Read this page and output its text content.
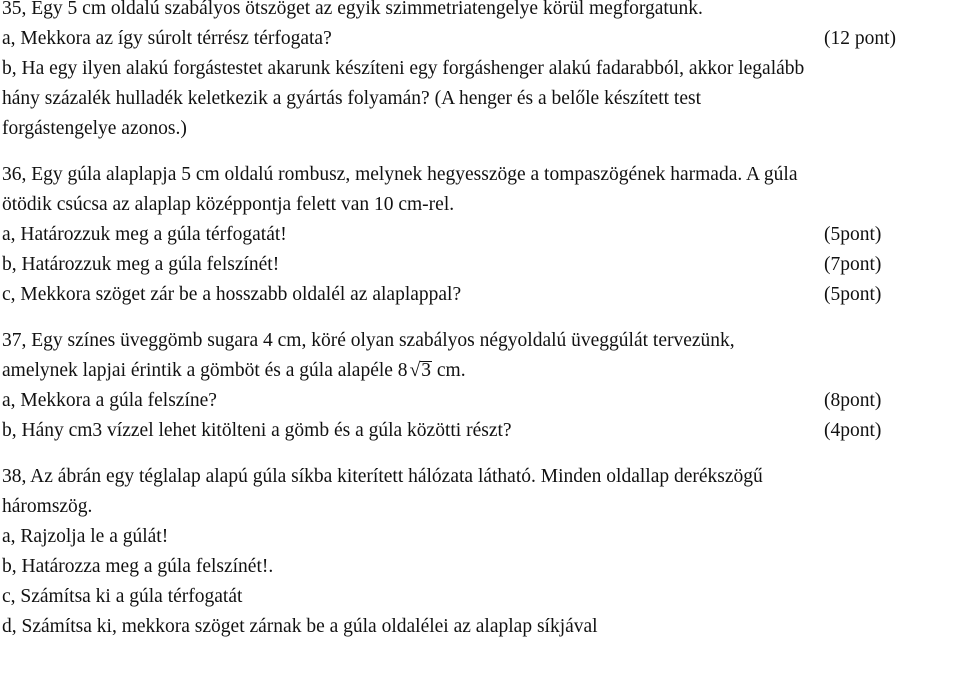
35, Egy 5 cm oldalú szabályos ötszöget az egyik szimmetriatengelye körül megforgatunk.
a, Mekkora az így súrolt térrész térfogata?	(12 pont)
b, Ha egy ilyen alakú forgástestet akarunk készíteni egy forgáshenger alakú fadarabból, akkor legalább
hány százalék hulladék keletkezik a gyártás folyamán? (A henger és a belőle készített test
forgástengelye azonos.)
36, Egy gúla alaplapja 5 cm oldalú rombusz, melynek hegyesszöge a tompaszögének harmada. A gúla
ötödik csúcsa az alaplap középpontja felett van 10 cm-rel.
a, Határozzuk meg a gúla térfogatát!	(5pont)
b, Határozzuk meg a gúla felszínét!	(7pont)
c, Mekkora szöget zár be a hosszabb oldalél az alaplappal?	(5pont)
37, Egy színes üveggömb sugara 4 cm, köré olyan szabályos négyoldalú üveggúlát tervezünk,
amelynek lapjai érintik a gömböt és a gúla alapéle 8 √3 cm.
a, Mekkora a gúla felszíne?	(8pont)
b, Hány cm3 vízzel lehet kitölteni a gömb és a gúla közötti részt?	(4pont)
38, Az ábrán egy téglalap alapú gúla síkba kiterített hálózata látható. Minden oldallap derékszögű
háromszög.
a, Rajzolja le a gúlát!
b, Határozza meg a gúla felszínét!.
c, Számítsa ki a gúla térfogatát
d, Számítsa ki, mekkora szöget zárnak be a gúla oldalélei az alaplap síkjával
